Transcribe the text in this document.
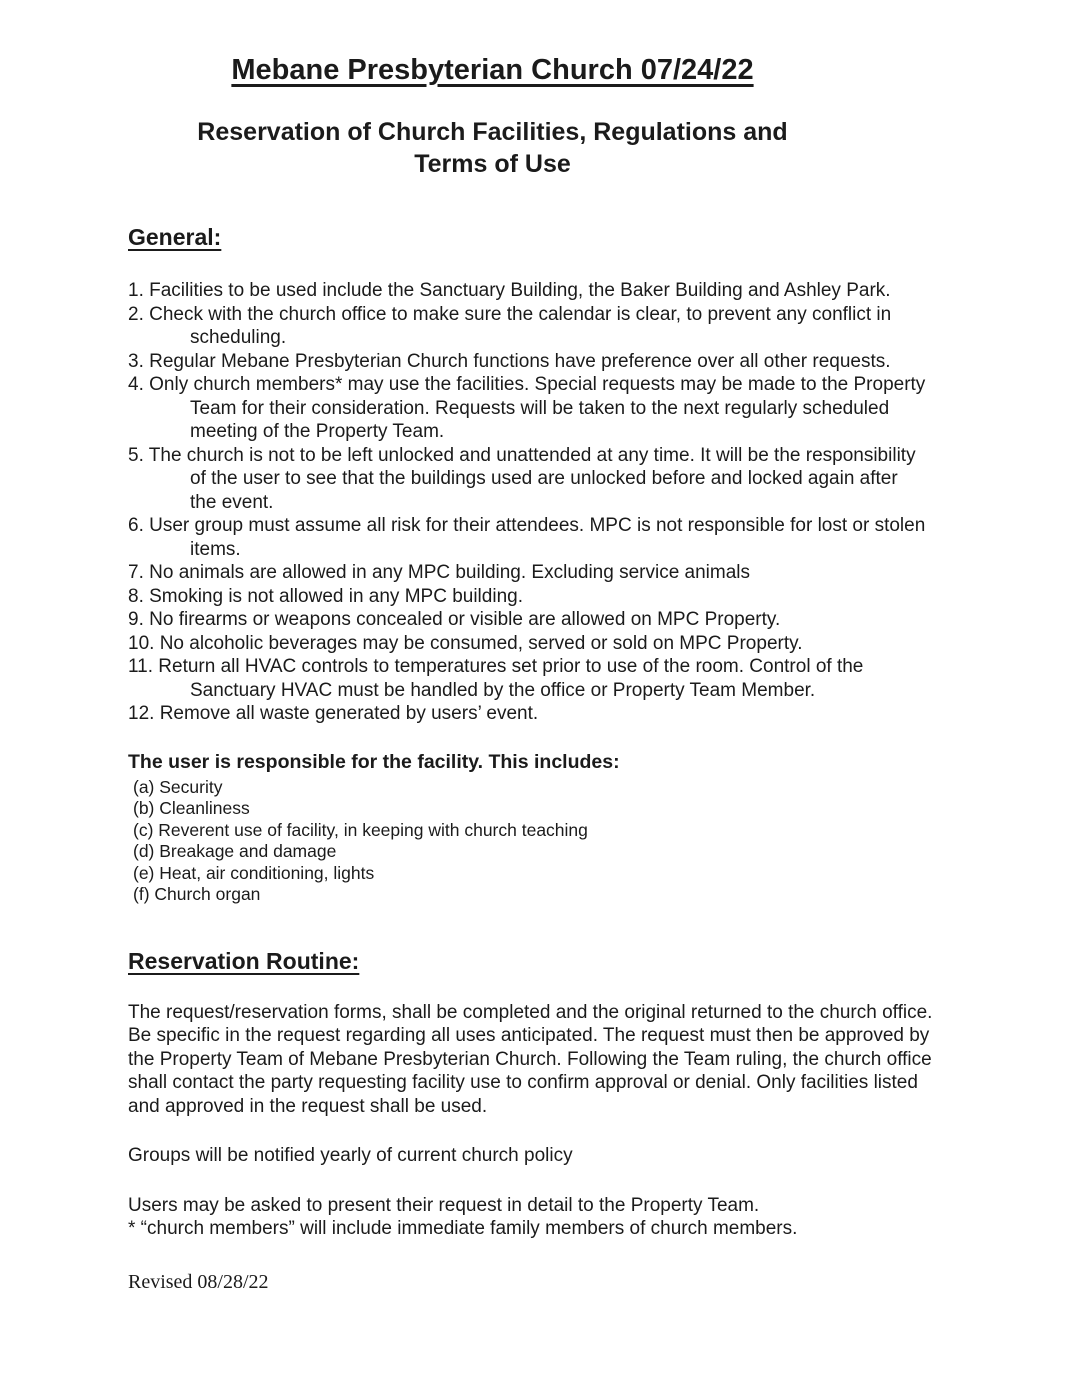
Mebane Presbyterian Church 07/24/22
Reservation of Church Facilities, Regulations and
Terms of Use
General:
1. Facilities to be used include the Sanctuary Building, the Baker Building and Ashley Park.
2. Check with the church office to make sure the calendar is clear, to prevent any conflict in scheduling.
3. Regular Mebane Presbyterian Church functions have preference over all other requests.
4. Only church members* may use the facilities. Special requests may be made to the Property Team for their consideration. Requests will be taken to the next regularly scheduled meeting of the Property Team.
5. The church is not to be left unlocked and unattended at any time. It will be the responsibility of the user to see that the buildings used are unlocked before and locked again after the event.
6. User group must assume all risk for their attendees. MPC is not responsible for lost or stolen items.
7. No animals are allowed in any MPC building. Excluding service animals
8. Smoking is not allowed in any MPC building.
9. No firearms or weapons concealed or visible are allowed on MPC Property.
10. No alcoholic beverages may be consumed, served or sold on MPC Property.
11. Return all HVAC controls to temperatures set prior to use of the room. Control of the Sanctuary HVAC must be handled by the office or Property Team Member.
12. Remove all waste generated by users’ event.
The user is responsible for the facility. This includes:
(a) Security
(b) Cleanliness
(c) Reverent use of facility, in keeping with church teaching
(d) Breakage and damage
(e) Heat, air conditioning, lights
(f) Church organ
Reservation Routine:
The request/reservation forms, shall be completed and the original returned to the church office. Be specific in the request regarding all uses anticipated. The request must then be approved by the Property Team of Mebane Presbyterian Church. Following the Team ruling, the church office shall contact the party requesting facility use to confirm approval or denial. Only facilities listed and approved in the request shall be used.
Groups will be notified yearly of current church policy
Users may be asked to present their request in detail to the Property Team.
* “church members” will include immediate family members of church members.
Revised 08/28/22
